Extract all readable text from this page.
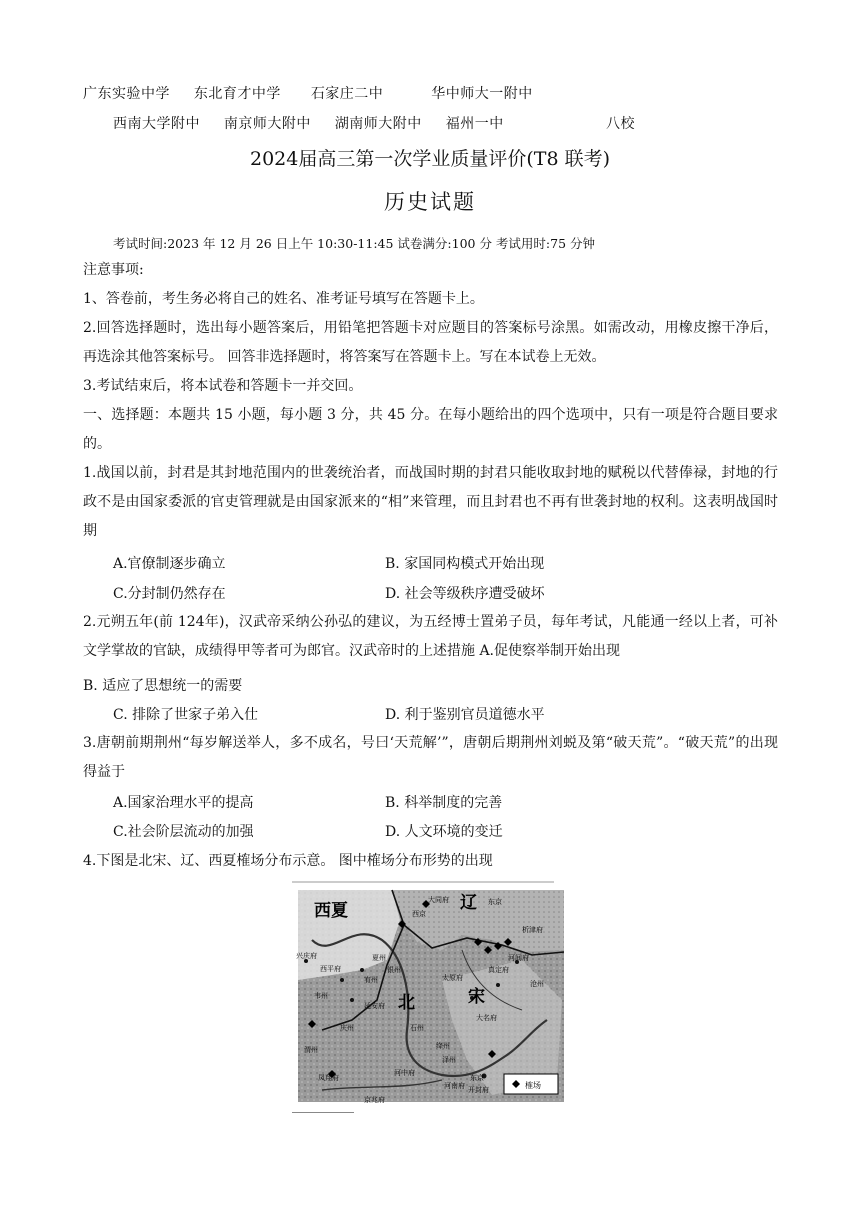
广东实验中学 东北育才中学 石家庄二中	华中师大一附中
西南大学附中 南京师大附中 湖南师大附中 福州一中	八校
2024届高三第一次学业质量评价(T8 联考)
历史试题
考试时间:2023 年 12 月 26 日上午 10:30-11:45 试卷满分:100 分 考试用时:75 分钟
注意事项:
1、答卷前，考生务必将自己的姓名、准考证号填写在答题卡上。
2.回答选择题时，选出每小题答案后，用铅笔把答题卡对应题目的答案标号涂黑。如需改动，用橡皮擦干净后，再选涂其他答案标号。 回答非选择题时，将答案写在答题卡上。写在本试卷上无效。
3.考试结束后，将本试卷和答题卡一并交回。
一、选择题：本题共 15 小题，每小题 3 分，共 45 分。在每小题给出的四个选项中，只有一项是符合题目要求的。
1.战国以前，封君是其封地范围内的世袭统治者，而战国时期的封君只能收取封地的赋税以代替俸禄，封地的行政不是由国家委派的官吏管理就是由国家派来的“相”来管理，而且封君也不再有世袭封地的权利。这表明战国时期
A.官僚制逐步确立	B. 家国同构模式开始出现
C.分封制仍然存在	D. 社会等级秩序遭受破坏
2.元朔五年(前 124年)，汉武帝采纳公孙弘的建议，为五经博士置弟子员，每年考试，凡能通一经以上者，可补文学掌故的官缺，成绩得甲等者可为郎官。汉武帝时的上述措施 A.促使察举制开始出现
B. 适应了思想统一的需要
C. 排除了世家子弟入仕	D. 利于鉴别官员道德水平
3.唐朝前期荆州“每岁解送举人，多不成名，号曰‘天荒解’”，唐朝后期荆州刘蜕及第“破天荒”。“破天荒”的出现得益于
A.国家治理水平的提高	B. 科举制度的完善
C.社会阶层流动的加强	D. 人文环境的变迁
4.下图是北宋、辽、西夏榷场分布示意。 图中榷场分布形势的出现
西夏	辽
北	宋
兴庆府
西平府
夏州
银州
宥州
韦州
延安府
庆州
渭州
凤翔府
京兆府
河中府
河南府
东京
开封府
大名府
太原府
真定府
河间府
沧州
析津府
大同府
西京
东京
绛州
石州
泽州
榷场
